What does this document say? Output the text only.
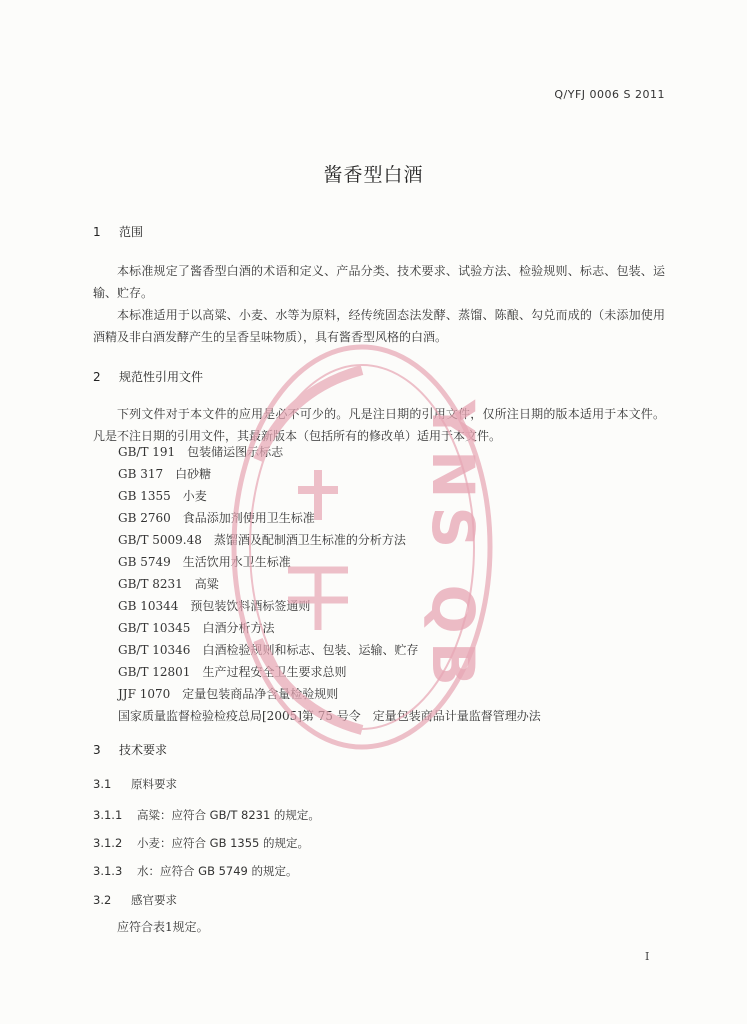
Q/YFJ 0006 S 2011
酱香型白酒
1 范围
本标准规定了酱香型白酒的术语和定义、产品分类、技术要求、试验方法、检验规则、标志、包装、运输、贮存。
本标准适用于以高粱、小麦、水等为原料，经传统固态法发酵、蒸馏、陈酿、勾兑而成的（未添加使用酒精及非白酒发酵产生的呈香呈味物质），具有酱香型风格的白酒。
2 规范性引用文件
下列文件对于本文件的应用是必不可少的。凡是注日期的引用文件，仅所注日期的版本适用于本文件。凡是不注日期的引用文件，其最新版本（包括所有的修改单）适用于本文件。
GB/T 191　包装储运图示标志
GB 317　白砂糖
GB 1355　小麦
GB 2760　食品添加剂使用卫生标准
GB/T 5009.48　蒸馏酒及配制酒卫生标准的分析方法
GB 5749　生活饮用水卫生标准
GB/T 8231　高粱
GB 10344　预包装饮料酒标签通则
GB/T 10345　白酒分析方法
GB/T 10346　白酒检验规则和标志、包装、运输、贮存
GB/T 12801　生产过程安全卫生要求总则
JJF 1070　定量包装商品净含量检验规则
国家质量监督检验检疫总局[2005]第 75 号令　定量包装商品计量监督管理办法
3 技术要求
3.1 原料要求
3.1.1 高粱：应符合 GB/T 8231 的规定。
3.1.2 小麦：应符合 GB 1355 的规定。
3.1.3 水：应符合 GB 5749 的规定。
3.2 感官要求
应符合表1规定。
YNS QB
I
